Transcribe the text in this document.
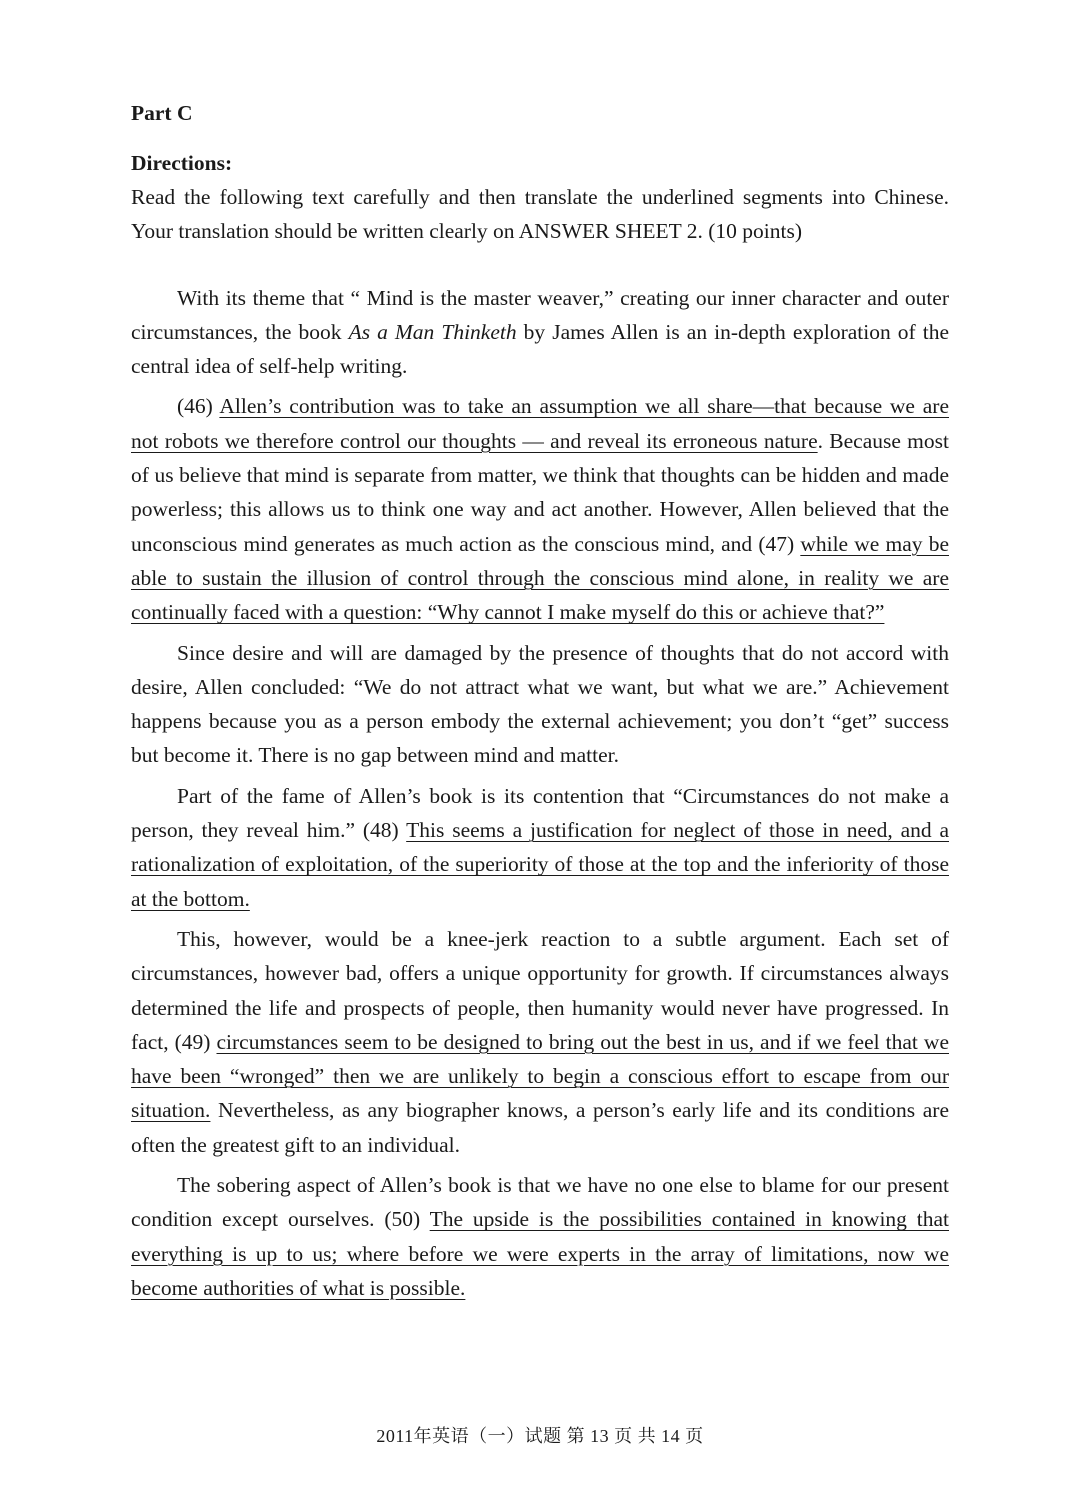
Part C

Directions:

Read the following text carefully and then translate the underlined segments into Chinese. Your translation should be written clearly on ANSWER SHEET 2. (10 points)

With its theme that “ Mind is the master weaver,” creating our inner character and outer circumstances, the book As a Man Thinketh by James Allen is an in-depth exploration of the central idea of self-help writing.

(46) Allen’s contribution was to take an assumption we all share—that because we are not robots we therefore control our thoughts — and reveal its erroneous nature. Because most of us believe that mind is separate from matter, we think that thoughts can be hidden and made powerless; this allows us to think one way and act another. However, Allen believed that the unconscious mind generates as much action as the conscious mind, and (47) while we may be able to sustain the illusion of control through the conscious mind alone, in reality we are continually faced with a question: “Why cannot I make myself do this or achieve that?”

Since desire and will are damaged by the presence of thoughts that do not accord with desire, Allen concluded: “We do not attract what we want, but what we are.” Achievement happens because you as a person embody the external achievement; you don’t “get” success but become it. There is no gap between mind and matter.

Part of the fame of Allen’s book is its contention that “Circumstances do not make a person, they reveal him.” (48) This seems a justification for neglect of those in need, and a rationalization of exploitation, of the superiority of those at the top and the inferiority of those at the bottom.

This, however, would be a knee-jerk reaction to a subtle argument. Each set of circumstances, however bad, offers a unique opportunity for growth. If circumstances always determined the life and prospects of people, then humanity would never have progressed. In fact, (49) circumstances seem to be designed to bring out the best in us, and if we feel that we have been “wronged” then we are unlikely to begin a conscious effort to escape from our situation. Nevertheless, as any biographer knows, a person’s early life and its conditions are often the greatest gift to an individual.

The sobering aspect of Allen’s book is that we have no one else to blame for our present condition except ourselves. (50) The upside is the possibilities contained in knowing that everything is up to us; where before we were experts in the array of limitations, now we become authorities of what is possible.

2011年英语（一）试题 第 13 页 共 14 页
